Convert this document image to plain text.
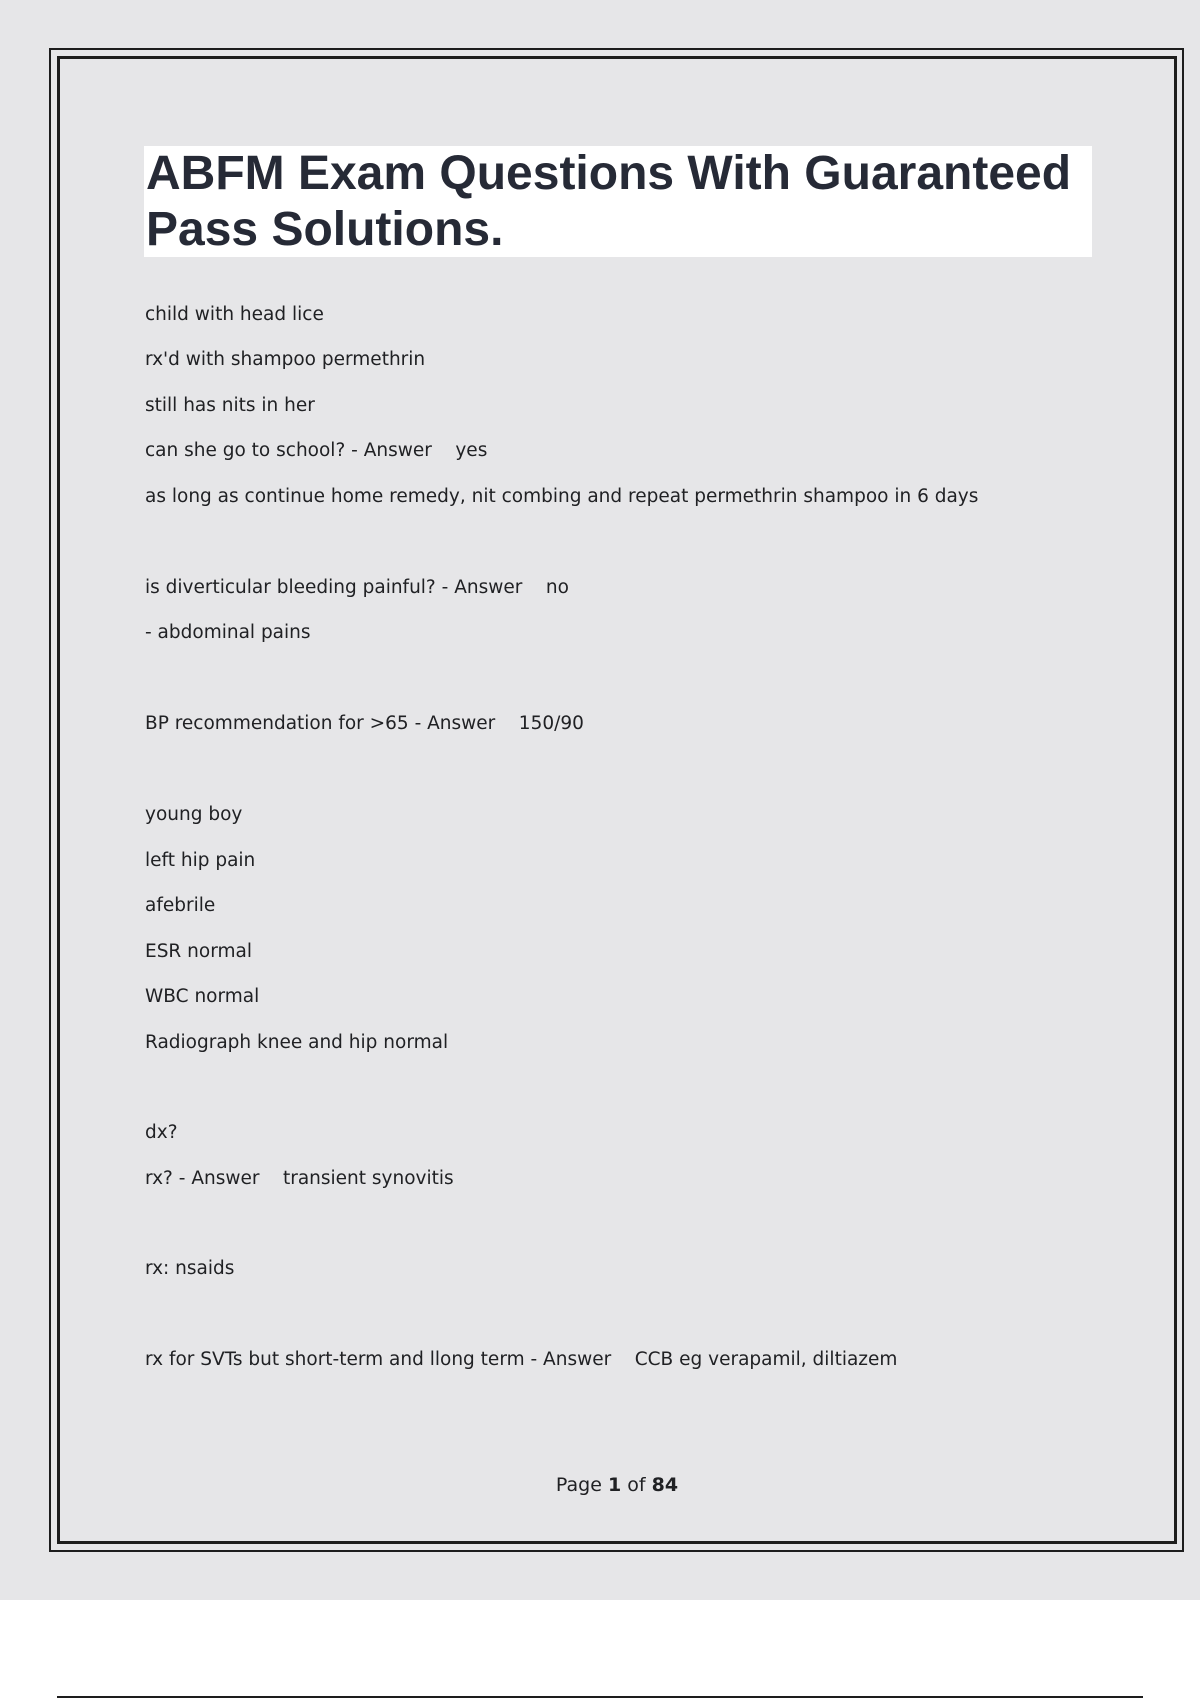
ABFM Exam Questions With Guaranteed Pass Solutions.

child with head lice

rx'd with shampoo permethrin

still has nits in her

can she go to school? - Answer    yes

as long as continue home remedy, nit combing and repeat permethrin shampoo in 6 days

is diverticular bleeding painful? - Answer    no

- abdominal pains

BP recommendation for >65 - Answer    150/90

young boy

left hip pain

afebrile

ESR normal

WBC normal

Radiograph knee and hip normal

dx?

rx? - Answer    transient synovitis

rx: nsaids

rx for SVTs but short-term and llong term - Answer    CCB eg verapamil, diltiazem

Page 1 of 84
